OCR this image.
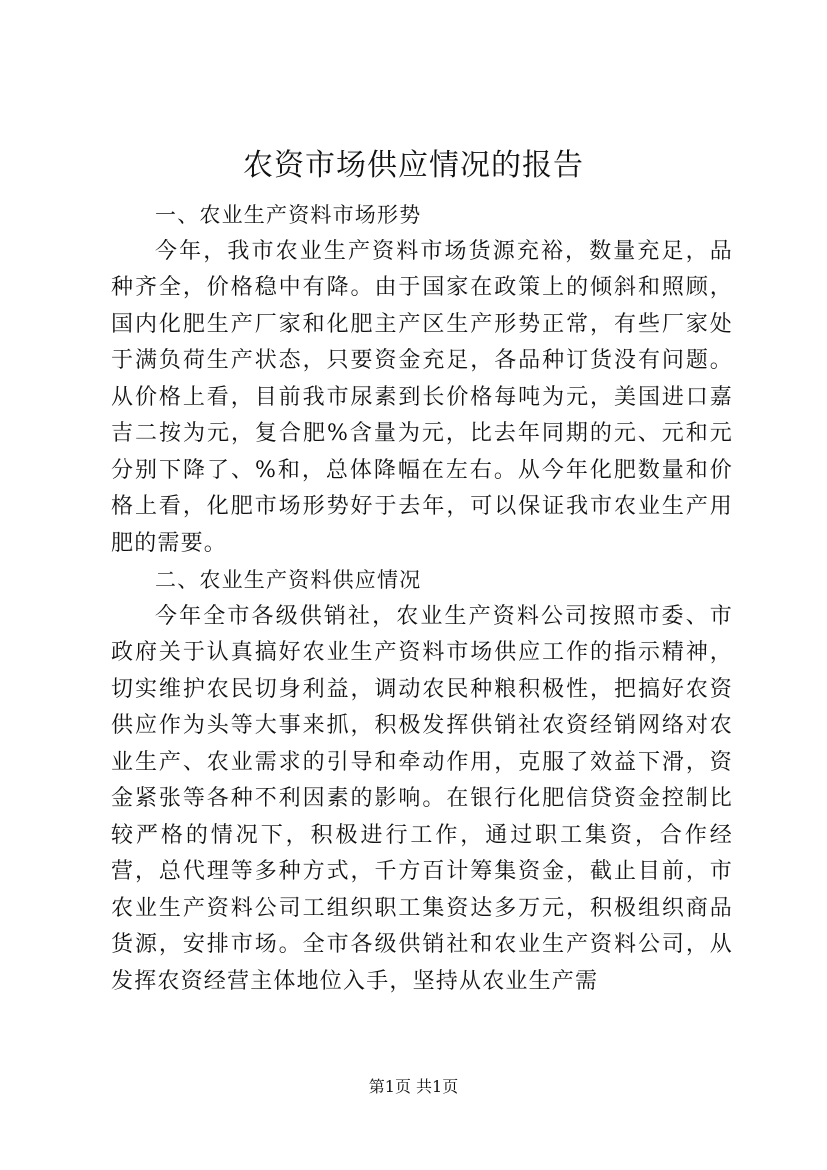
农资市场供应情况的报告

一、农业生产资料市场形势

今年，我市农业生产资料市场货源充裕，数量充足，品种齐全，价格稳中有降。由于国家在政策上的倾斜和照顾，国内化肥生产厂家和化肥主产区生产形势正常，有些厂家处于满负荷生产状态，只要资金充足，各品种订货没有问题。从价格上看，目前我市尿素到长价格每吨为元，美国进口嘉吉二按为元，复合肥%含量为元，比去年同期的元、元和元分别下降了、%和，总体降幅在左右。从今年化肥数量和价格上看，化肥市场形势好于去年，可以保证我市农业生产用肥的需要。

二、农业生产资料供应情况

今年全市各级供销社，农业生产资料公司按照市委、市政府关于认真搞好农业生产资料市场供应工作的指示精神，切实维护农民切身利益，调动农民种粮积极性，把搞好农资供应作为头等大事来抓，积极发挥供销社农资经销网络对农业生产、农业需求的引导和牵动作用，克服了效益下滑，资金紧张等各种不利因素的影响。在银行化肥信贷资金控制比较严格的情况下，积极进行工作，通过职工集资，合作经营，总代理等多种方式，千方百计筹集资金，截止目前，市农业生产资料公司工组织职工集资达多万元，积极组织商品货源，安排市场。全市各级供销社和农业生产资料公司，从发挥农资经营主体地位入手，坚持从农业生产需

第1页 共1页
